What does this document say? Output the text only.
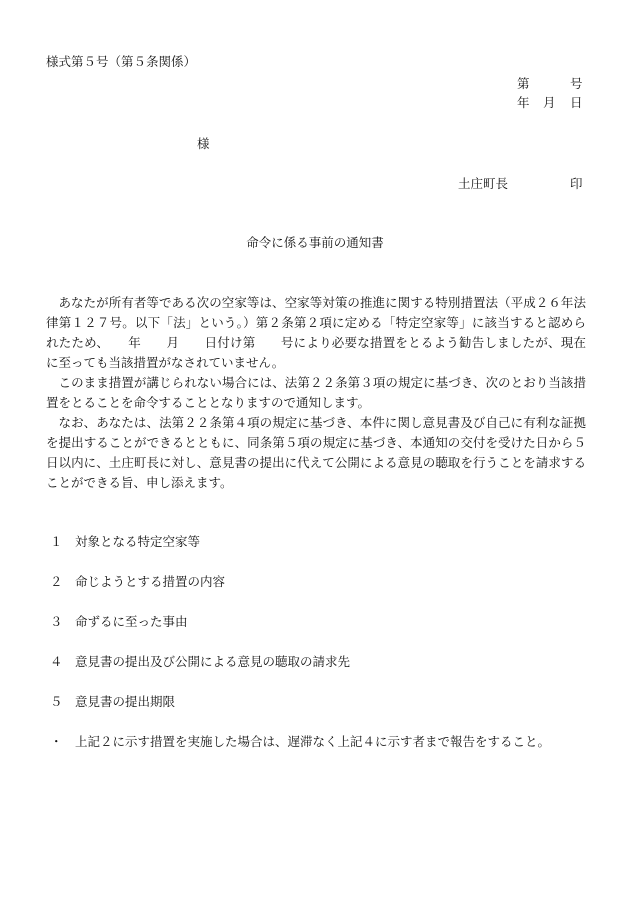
様式第５号（第５条関係）
第	号
年 月 日
様
土庄町長	印
命令に係る事前の通知書

あなたが所有者等である次の空家等は、空家等対策の推進に関する特別措置法（平成２６年法律第１２７号。以下「法」という。）第２条第２項に定める「特定空家等」に該当すると認められたため、　　年　　月　　日付け第　　号により必要な措置をとるよう勧告しましたが、現在に至っても当該措置がなされていません。

このまま措置が講じられない場合には、法第２２条第３項の規定に基づき、次のとおり当該措置をとることを命令することとなりますので通知します。

なお、あなたは、法第２２条第４項の規定に基づき、本件に関し意見書及び自己に有利な証拠を提出することができるとともに、同条第５項の規定に基づき、本通知の交付を受けた日から５日以内に、土庄町長に対し、意見書の提出に代えて公開による意見の聴取を行うことを請求することができる旨、申し添えます。

１ 対象となる特定空家等
２ 命じようとする措置の内容
３ 命ずるに至った事由
４ 意見書の提出及び公開による意見の聴取の請求先
５ 意見書の提出期限
・ 上記２に示す措置を実施した場合は、遅滞なく上記４に示す者まで報告をすること。
